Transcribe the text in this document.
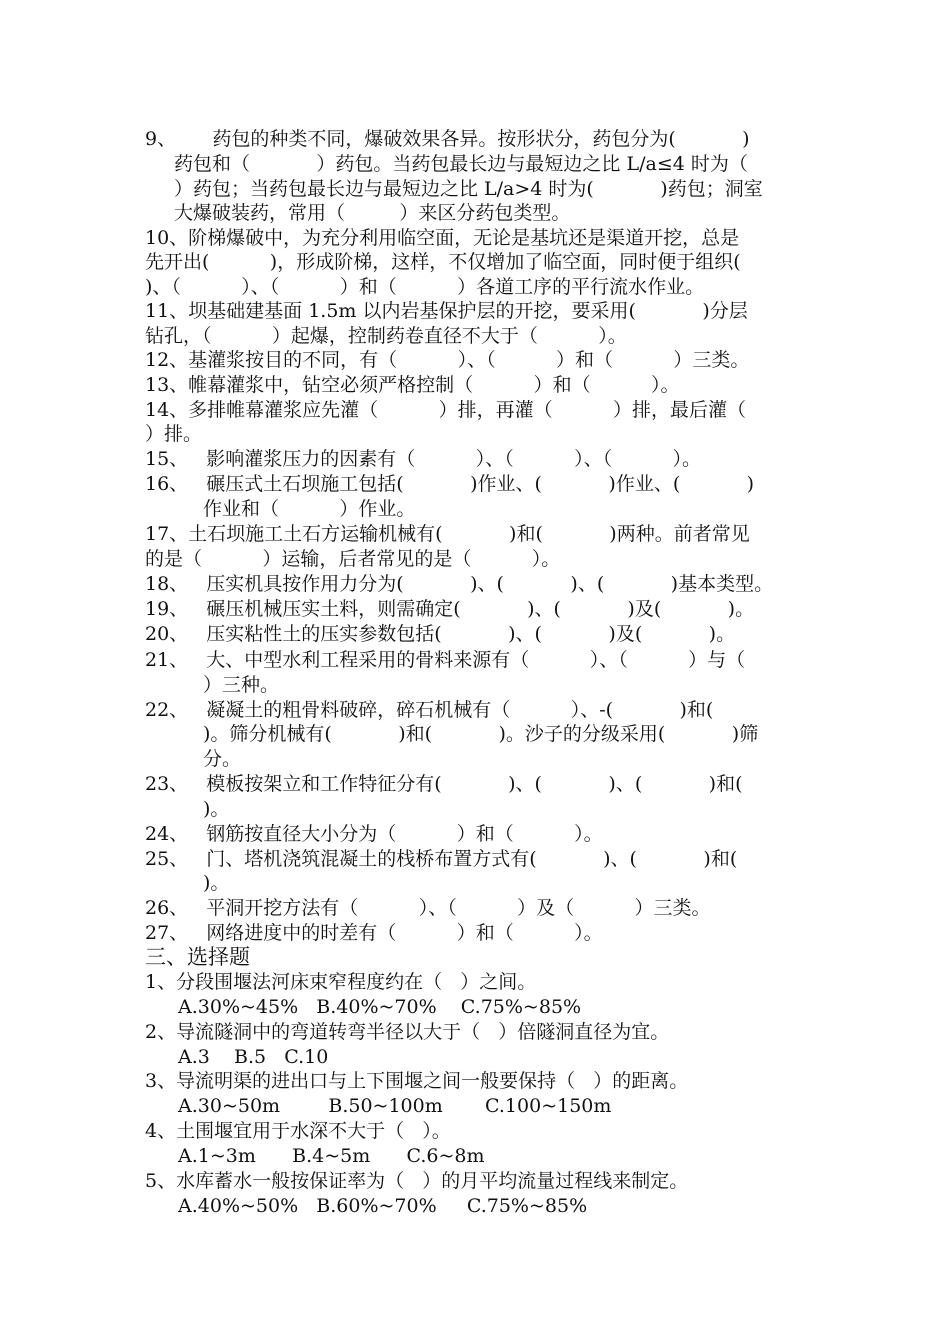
9、      药包的种类不同，爆破效果各异。按形状分，药包分为(           )

药包和（           ）药包。当药包最长边与最短边之比 L/a≤4 时为（

）药包；当药包最长边与最短边之比 L/a>4 时为(           )药包；洞室

大爆破装药，常用（         ）来区分药包类型。

10、阶梯爆破中，为充分利用临空面，无论是基坑还是渠道开挖，总是

先开出(          )，形成阶梯，这样，不仅增加了临空面，同时便于组织(

)、（          ）、（          ）和（          ）各道工序的平行流水作业。

11、坝基础建基面 1.5m 以内岩基保护层的开挖，要采用(           )分层

钻孔，（          ）起爆，控制药卷直径不大于（          ）。

12、基灌浆按目的不同，有（          ）、（          ）和（          ）三类。

13、帷幕灌浆中，钻空必须严格控制（          ）和（          ）。

14、多排帷幕灌浆应先灌（          ）排，再灌（          ）排，最后灌（

）排。

15、   影响灌浆压力的因素有（          ）、（          ）、（          ）。

16、   碾压式土石坝施工包括(           )作业、(           )作业、(           )

作业和（          ）作业。

17、土石坝施工土石方运输机械有(           )和(           )两种。前者常见

的是（          ）运输，后者常见的是（          ）。

18、   压实机具按作用力分为(           )、(           )、(           )基本类型。

19、   碾压机械压实土料，则需确定(           )、(           )及(           )。

20、   压实粘性土的压实参数包括(           )、(           )及(           )。

21、   大、中型水利工程采用的骨料来源有（          ）、（          ）与（

）三种。

22、   凝凝土的粗骨料破碎，碎石机械有（          ）、-(           )和(

)。筛分机械有(           )和(           )。沙子的分级采用(           )筛

分。

23、   模板按架立和工作特征分有(           )、(           )、(           )和(

)。

24、   钢筋按直径大小分为（          ）和（          ）。

25、   门、塔机浇筑混凝土的栈桥布置方式有(           )、(           )和(

)。

26、   平洞开挖方法有（          ）、（          ）及（          ）三类。

27、   网络进度中的时差有（          ）和（          ）。

三、选择题

1、分段围堰法河床束窄程度约在（   ）之间。

A.30%~45%   B.40%~70%    C.75%~85%

2、导流隧洞中的弯道转弯半径以大于（   ）倍隧洞直径为宜。

A.3    B.5   C.10

3、导流明渠的进出口与上下围堰之间一般要保持（   ）的距离。

A.30~50m        B.50~100m       C.100~150m

4、土围堰宜用于水深不大于（   ）。

A.1~3m      B.4~5m      C.6~8m

5、水库蓄水一般按保证率为（   ）的月平均流量过程线来制定。

A.40%~50%   B.60%~70%     C.75%~85%
